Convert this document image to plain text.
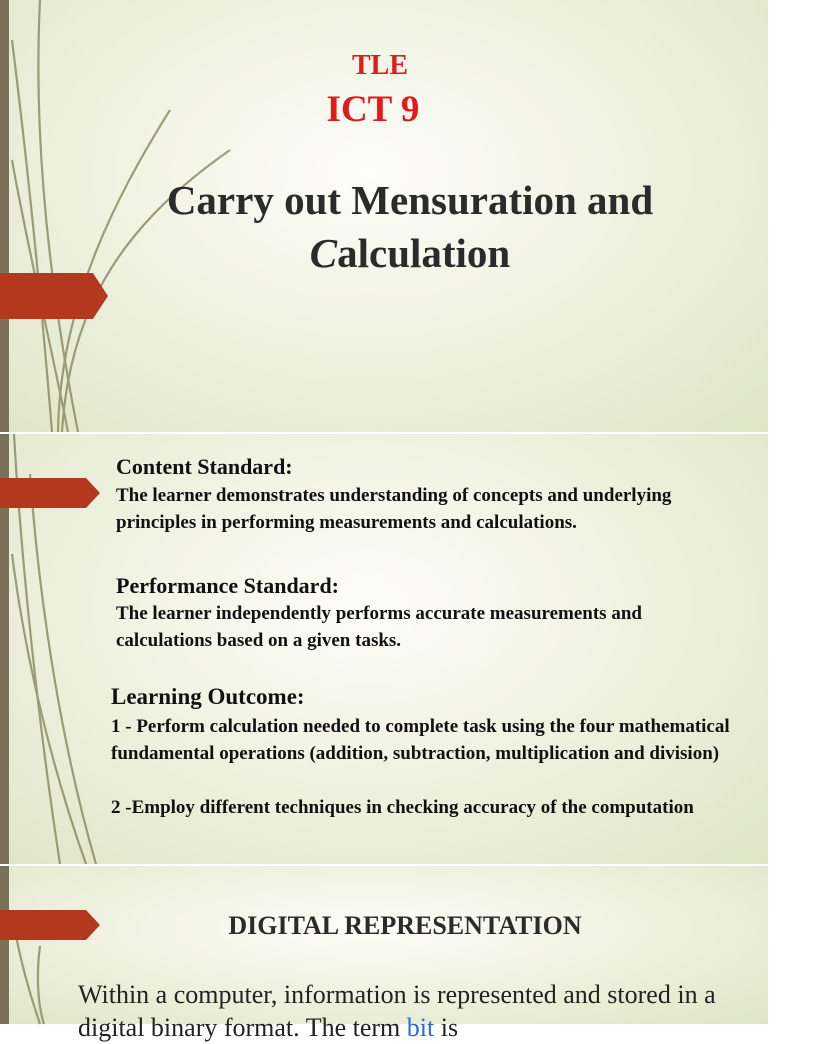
TLE

ICT 9

Carry out Mensuration and

Calculation

Content Standard:

The learner demonstrates understanding of concepts and underlying principles in performing measurements and calculations.

Performance Standard:

The learner independently performs accurate measurements and calculations based on a given tasks.

Learning Outcome:

1 - Perform calculation needed to complete task using the four mathematical fundamental operations (addition, subtraction, multiplication and division)

2 -Employ different techniques in checking accuracy of the computation

DIGITAL REPRESENTATION

Within a computer, information is represented and stored in a digital binary format. The term bit is
